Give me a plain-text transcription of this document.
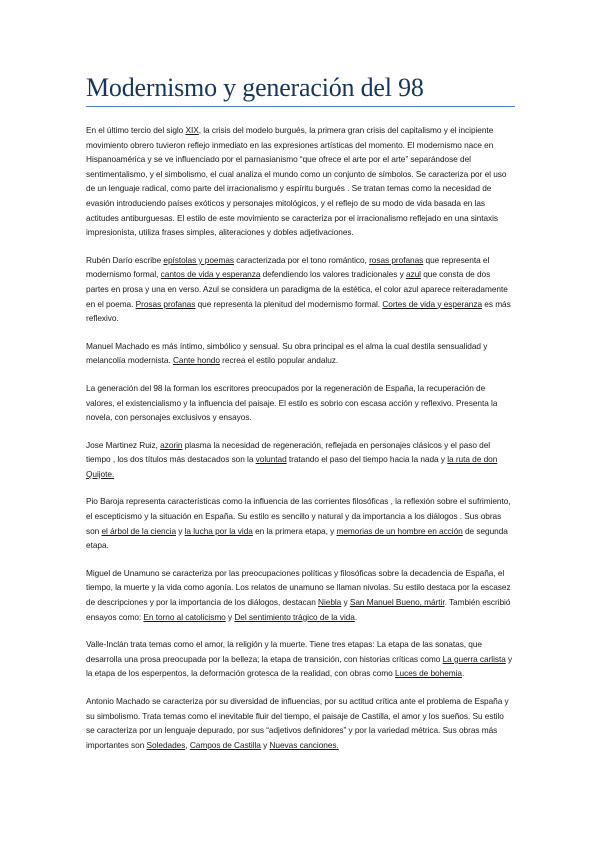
Modernismo y generación del 98

En el último tercio del siglo XIX, la crisis del modelo burgués, la primera gran crisis del capitalismo y el incipiente movimiento obrero tuvieron reflejo inmediato en las expresiones artísticas del momento. El modernismo nace en Hispanoamérica y se ve influenciado por el parnasianismo “que ofrece el arte por el arte” separándose del sentimentalismo, y el simbolismo, el cual analiza el mundo como un conjunto de símbolos. Se caracteriza por el uso de un lenguaje radical, como parte del irracionalismo y espíritu burgués . Se tratan temas como la necesidad de evasión introduciendo países exóticos y personajes mitológicos, y el reflejo de su modo de vida basada en las actitudes antiburguesas. El estilo de este movimiento se caracteriza por el irracionalismo reflejado en una sintaxis impresionista, utiliza frases simples, aliteraciones y dobles adjetivaciones.

Rubén Darío escribe epístolas y poemas caracterizada por el tono romántico, rosas profanas que representa el modernismo formal, cantos de vida y esperanza defendiendo los valores tradicionales y azul que consta de dos partes en prosa y una en verso. Azul se considera un paradigma de la estética, el color azul aparece reiteradamente en el poema. Prosas profanas que representa la plenitud del modernismo formal. Cortes de vida y esperanza es más reflexivo.

Manuel Machado es más íntimo, simbólico y sensual. Su obra principal es el alma la cual destila sensualidad y melancolía modernista. Cante hondo recrea el estilo popular andaluz.

La generación del 98 la forman los escritores preocupados por la regeneración de España, la recuperación de valores, el existencialismo y la influencia del paisaje. El estilo es sobrio con escasa acción y reflexivo. Presenta la novela, con personajes exclusivos y ensayos.

Jose Martinez Ruiz, azorin plasma la necesidad de regeneración, reflejada en personajes clásicos y el paso del tiempo , los dos títulos más destacados son la voluntad tratando el paso del tiempo hacia la nada y la ruta de don Quijote.

Pio Baroja representa características como la influencia de las corrientes filosóficas , la reflexión sobre el sufrimiento, el escepticismo y la situación en España. Su estilo es sencillo y natural y da importancia a los diálogos . Sus obras son el árbol de la ciencia y la lucha por la vida en la primera etapa, y memorias de un hombre en acción de segunda etapa.

Miguel de Unamuno se caracteriza por las preocupaciones políticas y filosóficas sobre la decadencia de España, el tiempo, la muerte y la vida como agonía. Los relatos de unamuno se llaman nivolas. Su estilo destaca por la escasez de descripciones y por la importancia de los diálogos, destacan Niebla y San Manuel Bueno, mártir. También escribió ensayos como: En torno al catolicismo y Del sentimiento trágico de la vida.

Valle-Inclán trata temas como el amor, la religión y la muerte. Tiene tres etapas: La etapa de las sonatas, que desarrolla una prosa preocupada por la belleza; la etapa de transición, con historias críticas como La guerra carlista y la etapa de los esperpentos, la deformación grotesca de la realidad, con obras como Luces de bohemia.

Antonio Machado se caracteriza por su diversidad de influencias, por su actitud crítica ante el problema de España y su simbolismo. Trata temas como el inevitable fluir del tiempo, el paisaje de Castilla, el amor y los sueños. Su estilo se caracteriza por un lenguaje depurado, por sus “adjetivos definidores” y por la variedad métrica. Sus obras más importantes son Soledades, Campos de Castilla y Nuevas canciones.
